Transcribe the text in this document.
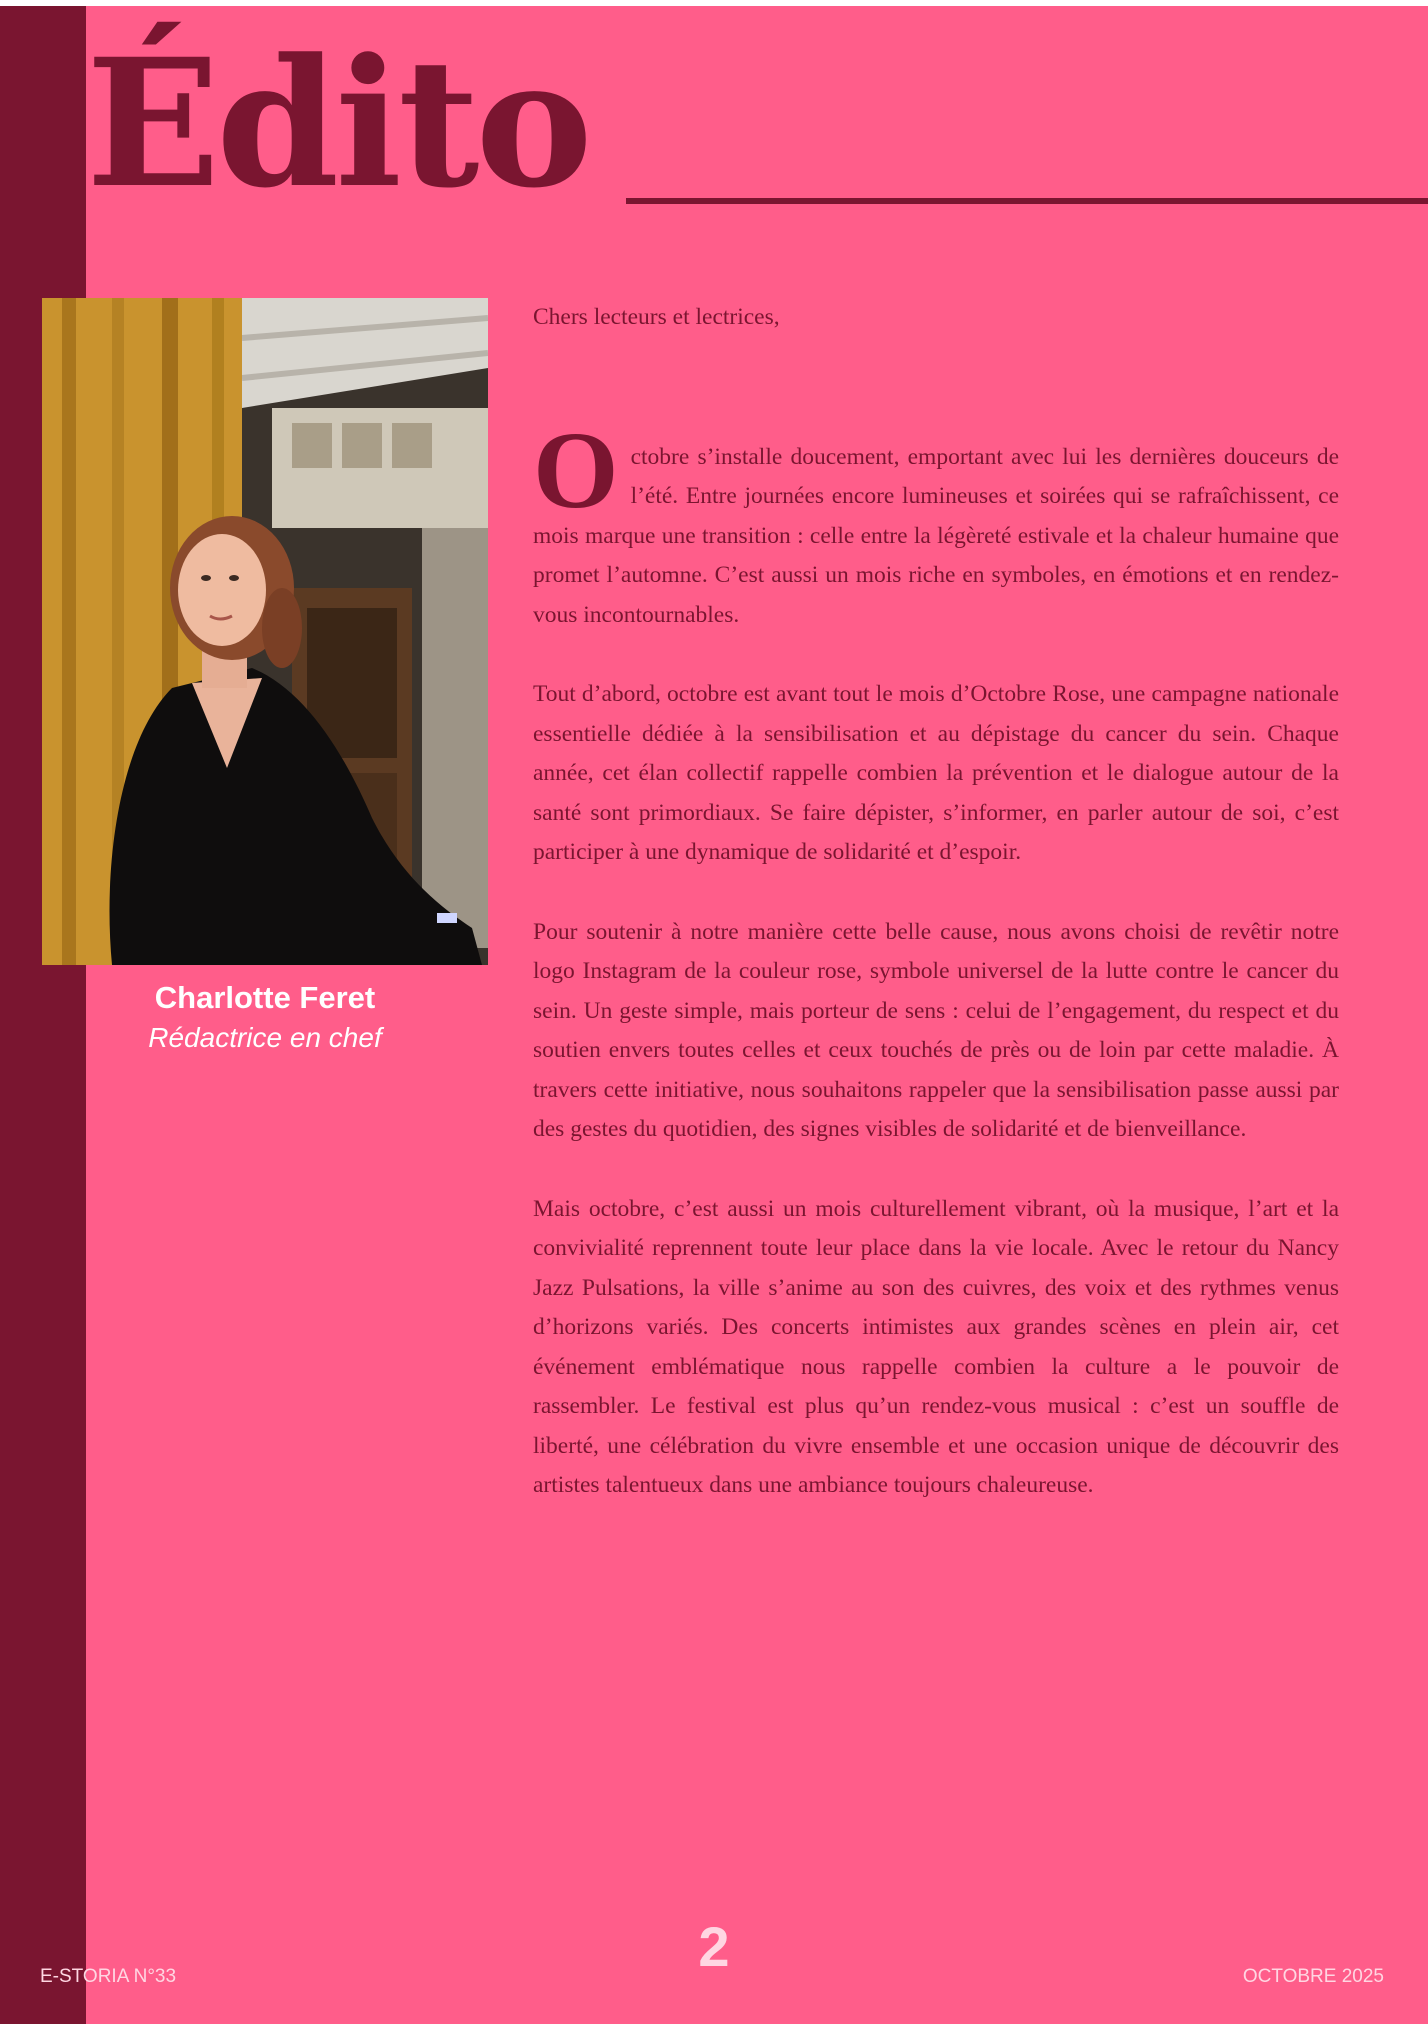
Édito
Charlotte Feret
Rédactrice en chef

Chers lecteurs et lectrices,

Octobre s’installe doucement, emportant avec lui les dernières douceurs de l’été. Entre journées encore lumineuses et soirées qui se rafraîchissent, ce mois marque une transition : celle entre la légèreté estivale et la chaleur humaine que promet l’automne. C’est aussi un mois riche en symboles, en émotions et en rendez-vous incontournables.

Tout d’abord, octobre est avant tout le mois d’Octobre Rose, une campagne nationale essentielle dédiée à la sensibilisation et au dépistage du cancer du sein. Chaque année, cet élan collectif rappelle combien la prévention et le dialogue autour de la santé sont primordiaux. Se faire dépister, s’informer, en parler autour de soi, c’est participer à une dynamique de solidarité et d’espoir.

Pour soutenir à notre manière cette belle cause, nous avons choisi de revêtir notre logo Instagram de la couleur rose, symbole universel de la lutte contre le cancer du sein. Un geste simple, mais porteur de sens : celui de l’engagement, du respect et du soutien envers toutes celles et ceux touchés de près ou de loin par cette maladie. À travers cette initiative, nous souhaitons rappeler que la sensibilisation passe aussi par des gestes du quotidien, des signes visibles de solidarité et de bienveillance.

Mais octobre, c’est aussi un mois culturellement vibrant, où la musique, l’art et la convivialité reprennent toute leur place dans la vie locale. Avec le retour du Nancy Jazz Pulsations, la ville s’anime au son des cuivres, des voix et des rythmes venus d’horizons variés. Des concerts intimistes aux grandes scènes en plein air, cet événement emblématique nous rappelle combien la culture a le pouvoir de rassembler. Le festival est plus qu’un rendez-vous musical : c’est un souffle de liberté, une célébration du vivre ensemble et une occasion unique de découvrir des artistes talentueux dans une ambiance toujours chaleureuse.

2
E-STORIA N°33	OCTOBRE 2025
